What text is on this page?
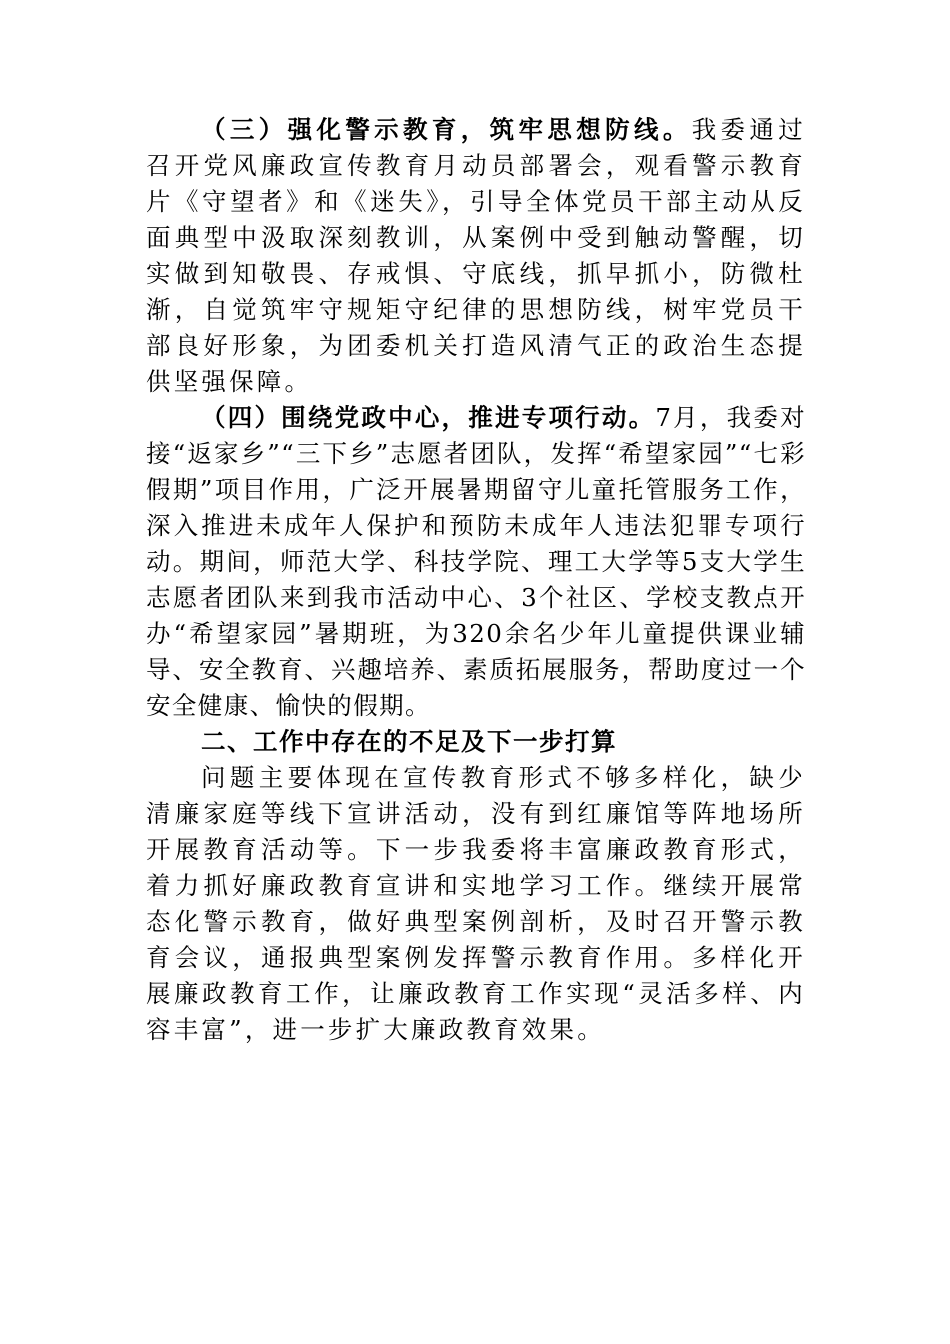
（三）强化警示教育，筑牢思想防线。我委通过召开党风廉政宣传教育月动员部署会，观看警示教育片《守望者》和《迷失》，引导全体党员干部主动从反面典型中汲取深刻教训，从案例中受到触动警醒，切实做到知敬畏、存戒惧、守底线，抓早抓小，防微杜渐，自觉筑牢守规矩守纪律的思想防线，树牢党员干部良好形象，为团委机关打造风清气正的政治生态提供坚强保障。

（四）围绕党政中心，推进专项行动。7月，我委对接“返家乡”“三下乡”志愿者团队，发挥“希望家园”“七彩假期”项目作用，广泛开展暑期留守儿童托管服务工作，深入推进未成年人保护和预防未成年人违法犯罪专项行动。期间，师范大学、科技学院、理工大学等5支大学生志愿者团队来到我市活动中心、3个社区、学校支教点开办“希望家园”暑期班，为320余名少年儿童提供课业辅导、安全教育、兴趣培养、素质拓展服务，帮助度过一个安全健康、愉快的假期。

二、工作中存在的不足及下一步打算

问题主要体现在宣传教育形式不够多样化，缺少清廉家庭等线下宣讲活动，没有到红廉馆等阵地场所开展教育活动等。下一步我委将丰富廉政教育形式，着力抓好廉政教育宣讲和实地学习工作。继续开展常态化警示教育，做好典型案例剖析，及时召开警示教育会议，通报典型案例发挥警示教育作用。多样化开展廉政教育工作，让廉政教育工作实现“灵活多样、内容丰富”，进一步扩大廉政教育效果。
